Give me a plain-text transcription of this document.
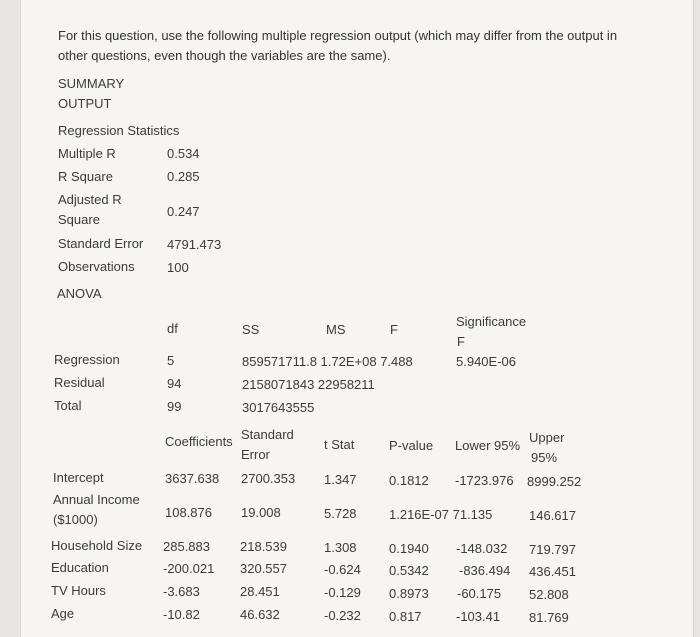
For this question, use the following multiple regression output (which may differ from the output in other questions, even though the variables are the same).
SUMMARY
OUTPUT
Regression Statistics
Multiple R	0.534
R Square	0.285
Adjusted R
Square
0.247
Standard Error 4791.473
Observations 100
ANOVA
df	SS	MS	F
Significance
F
Regression	5	859571711.8 1.72E+08 7.488	5.940E-06
Residual	94	2158071843 22958211
Total	99	3017643555
Coefficients Standard
Error
t Stat	P-value Lower 95%
Upper
95%
Intercept	3637.638 2700.353 1.347 0.1812 -1723.976 8999.252
Annual Income
($1000)	108.876 19.008	5.728 1.216E-07 71.135	146.617
Household Size 285.883 218.539	1.308 0.1940 -148.032 719.797
Education	-200.021 320.557	-0.624 0.5342 -836.494 436.451
TV Hours	-3.683	28.451	-0.129 0.8973 -60.175 52.808
Age	-10.82	46.632	-0.232 0.817	-103.41 81.769
